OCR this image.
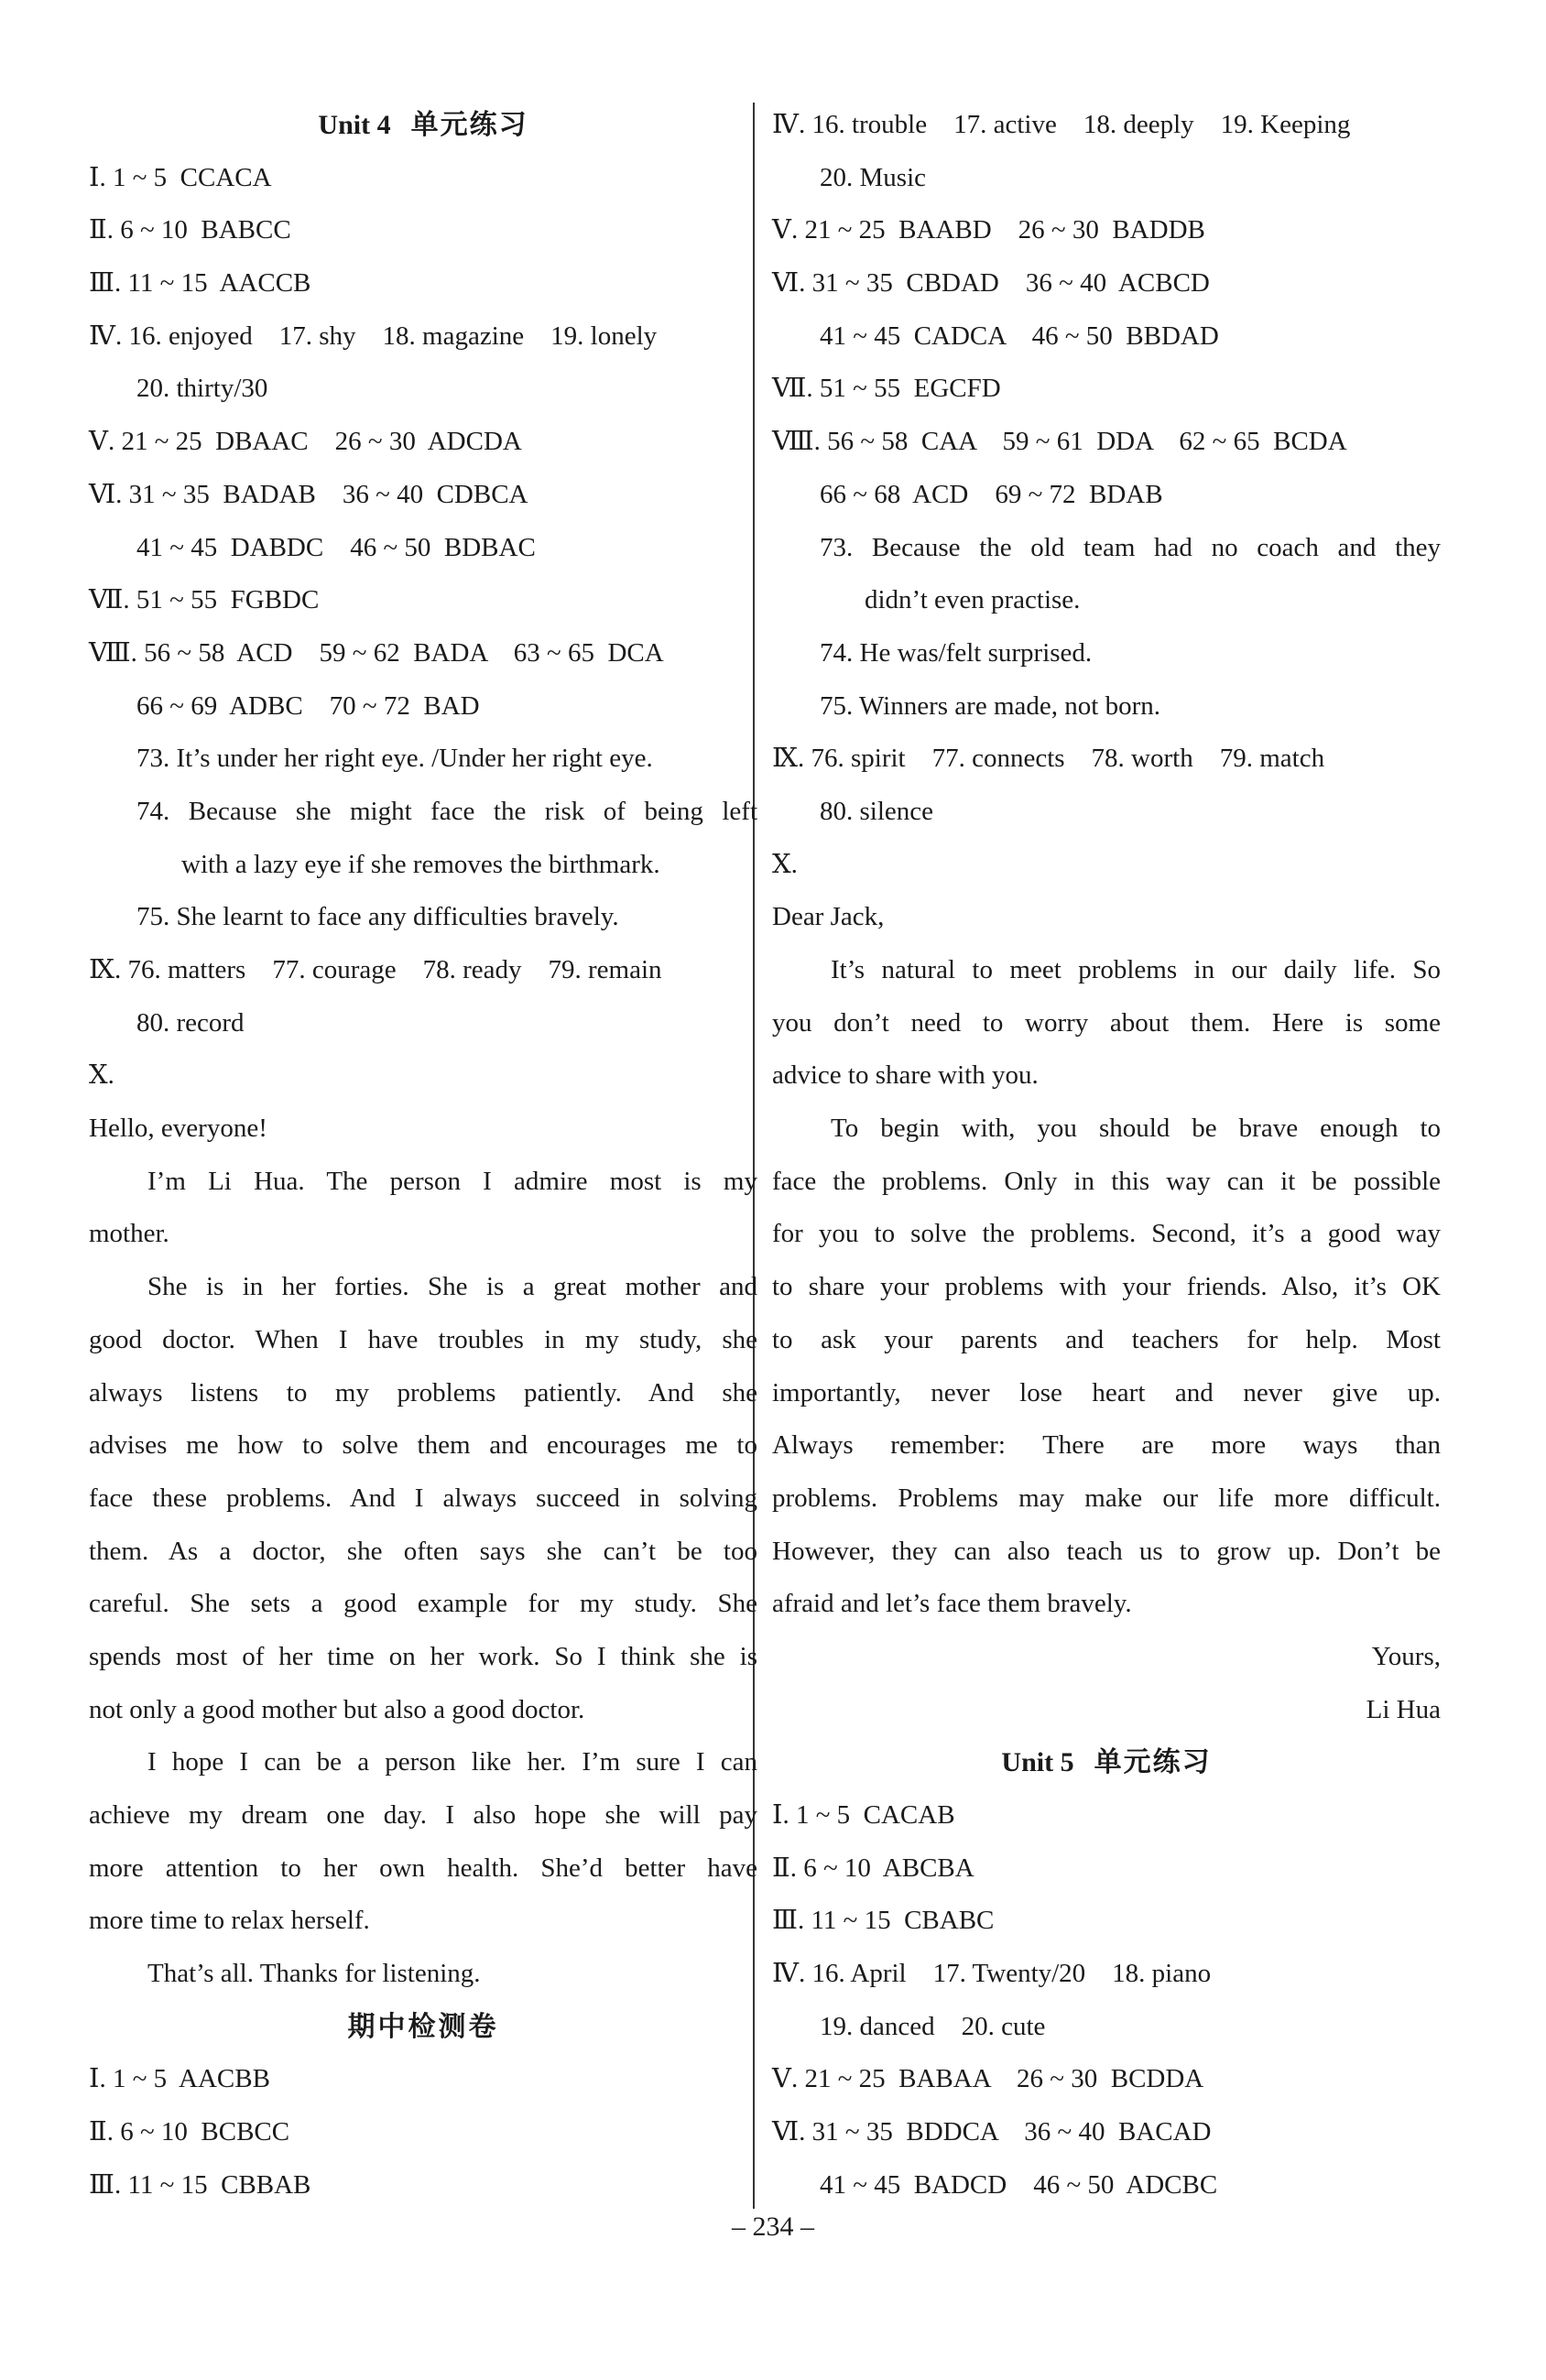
Unit 4 单元练习
Ⅰ. 1 ~ 5  CCACA
Ⅱ. 6 ~ 10  BABCC
Ⅲ. 11 ~ 15  AACCB
Ⅳ. 16. enjoyed    17. shy    18. magazine    19. lonely
20. thirty/30
Ⅴ. 21 ~ 25  DBAAC    26 ~ 30  ADCDA
Ⅵ. 31 ~ 35  BADAB    36 ~ 40  CDBCA
41 ~ 45  DABDC    46 ~ 50  BDBAC
Ⅶ. 51 ~ 55  FGBDC
Ⅷ. 56 ~ 58  ACD    59 ~ 62  BADA    63 ~ 65  DCA
66 ~ 69  ADBC    70 ~ 72  BAD
73. It’s under her right eye. /Under her right eye.
74. Because she might face the risk of being left
with a lazy eye if she removes the birthmark.
75. She learnt to face any difficulties bravely.
Ⅸ. 76. matters    77. courage    78. ready    79. remain
80. record
Ⅹ.
Hello, everyone!
I’m Li Hua. The person I admire most is my
mother.
She is in her forties. She is a great mother and
good doctor. When I have troubles in my study, she
always listens to my problems patiently. And she
advises me how to solve them and encourages me to
face these problems. And I always succeed in solving
them. As a doctor, she often says she can’t be too
careful. She sets a good example for my study. She
spends most of her time on her work. So I think she is
not only a good mother but also a good doctor.
I hope I can be a person like her. I’m sure I can
achieve my dream one day. I also hope she will pay
more attention to her own health. She’d better have
more time to relax herself.
That’s all. Thanks for listening.
期中检测卷
Ⅰ. 1 ~ 5  AACBB
Ⅱ. 6 ~ 10  BCBCC
Ⅲ. 11 ~ 15  CBBAB
Ⅳ. 16. trouble    17. active    18. deeply    19. Keeping
20. Music
Ⅴ. 21 ~ 25  BAABD    26 ~ 30  BADDB
Ⅵ. 31 ~ 35  CBDAD    36 ~ 40  ACBCD
41 ~ 45  CADCA    46 ~ 50  BBDAD
Ⅶ. 51 ~ 55  EGCFD
Ⅷ. 56 ~ 58  CAA    59 ~ 61  DDA    62 ~ 65  BCDA
66 ~ 68  ACD    69 ~ 72  BDAB
73. Because the old team had no coach and they
didn’t even practise.
74. He was/felt surprised.
75. Winners are made, not born.
Ⅸ. 76. spirit    77. connects    78. worth    79. match
80. silence
Ⅹ.
Dear Jack,
It’s natural to meet problems in our daily life. So
you don’t need to worry about them. Here is some
advice to share with you.
To begin with, you should be brave enough to
face the problems. Only in this way can it be possible
for you to solve the problems. Second, it’s a good way
to share your problems with your friends. Also, it’s OK
to ask your parents and teachers for help. Most
importantly, never lose heart and never give up.
Always remember: There are more ways than
problems. Problems may make our life more difficult.
However, they can also teach us to grow up. Don’t be
afraid and let’s face them bravely.
Yours,
Li Hua
Unit 5 单元练习
Ⅰ. 1 ~ 5  CACAB
Ⅱ. 6 ~ 10  ABCBA
Ⅲ. 11 ~ 15  CBABC
Ⅳ. 16. April    17. Twenty/20    18. piano
19. danced    20. cute
Ⅴ. 21 ~ 25  BABAA    26 ~ 30  BCDDA
Ⅵ. 31 ~ 35  BDDCA    36 ~ 40  BACAD
41 ~ 45  BADCD    46 ~ 50  ADCBC
– 234 –
